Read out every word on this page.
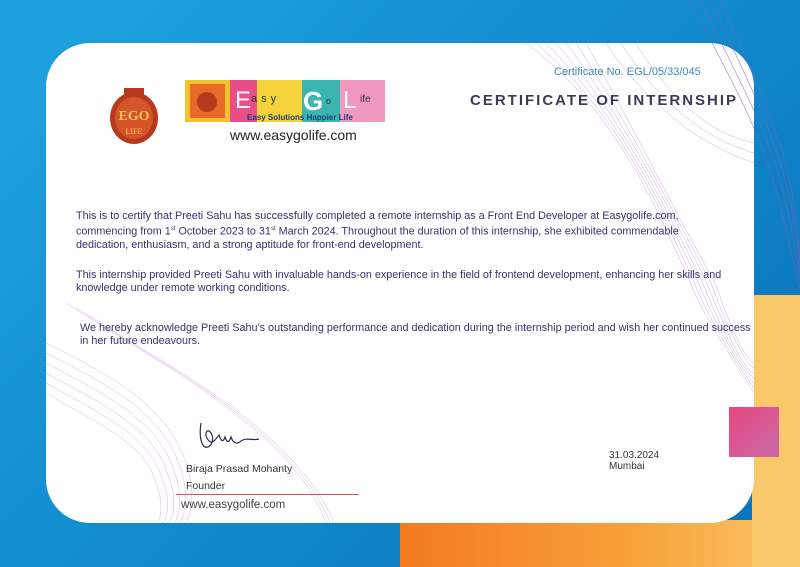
EGO
LIFE
E asy G o L ife
Easy Solutions Happier Life
www.easygolife.com
Certificate No. EGL/05/33/045
CERTIFICATE OF INTERNSHIP
This is to certify that Preeti Sahu has successfully completed a remote internship as a Front End Developer at Easygolife.com,
commencing from 1st October 2023 to 31st March 2024. Throughout the duration of this internship, she exhibited commendable
dedication, enthusiasm, and a strong aptitude for front-end development.
This internship provided Preeti Sahu with invaluable hands-on experience in the field of frontend development, enhancing her skills and knowledge under remote working conditions.
We hereby acknowledge Preeti Sahu’s outstanding performance and dedication during the internship period and wish her continued success in her future endeavours.
Biraja Prasad Mohanty
Founder
www.easygolife.com
31.03.2024
Mumbai
